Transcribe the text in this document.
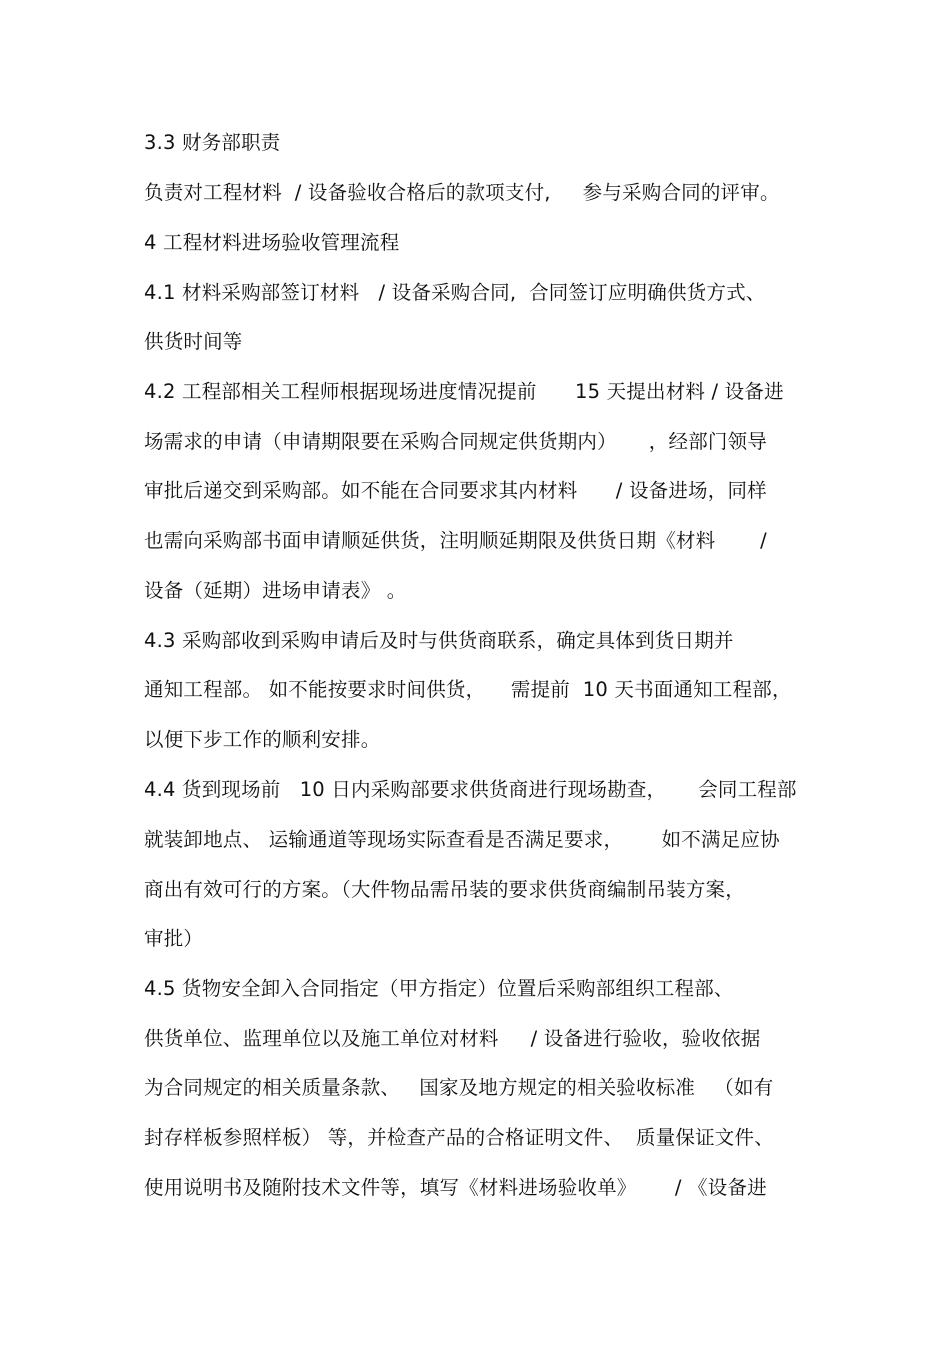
3.3 财务部职责
负责对工程材料  / 设备验收合格后的款项支付,     参与采购合同的评审。
4 工程材料进场验收管理流程
4.1 材料采购部签订材料   / 设备采购合同,  合同签订应明确供货方式、
供货时间等
4.2 工程部相关工程师根据现场进度情况提前      15 天提出材料 / 设备进
场需求的申请（申请期限要在采购合同规定供货期内）     ，经部门领导
审批后递交到采购部。如不能在合同要求其内材料      / 设备进场，同样
也需向采购部书面申请顺延供货，注明顺延期限及供货日期《材料       /
设备（延期）进场申请表》 。
4.3 采购部收到采购申请后及时与供货商联系，确定具体到货日期并
通知工程部。 如不能按要求时间供货，    需提前  10 天书面通知工程部，
以便下步工作的顺利安排。
4.4 货到现场前   10 日内采购部要求供货商进行现场勘查，     会同工程部
就装卸地点、 运输通道等现场实际查看是否满足要求，      如不满足应协
商出有效可行的方案。（大件物品需吊装的要求供货商编制吊装方案，
审批）
4.5 货物安全卸入合同指定（甲方指定）位置后采购部组织工程部、
供货单位、监理单位以及施工单位对材料     / 设备进行验收，验收依据
为合同规定的相关质量条款、   国家及地方规定的相关验收标准   （如有
封存样板参照样板） 等，并检查产品的合格证明文件、  质量保证文件、
使用说明书及随附技术文件等，填写《材料进场验收单》      / 《设备进
